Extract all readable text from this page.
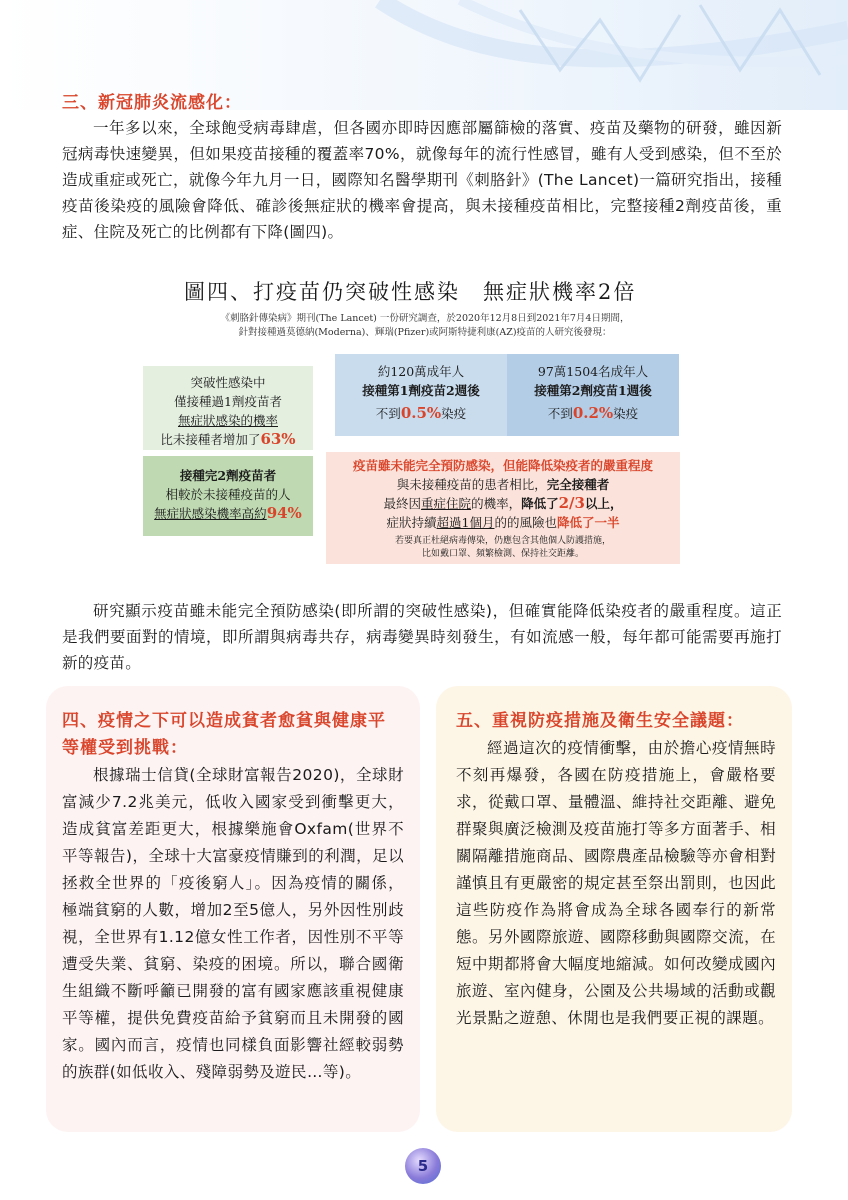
三、新冠肺炎流感化：
一年多以來，全球飽受病毒肆虐，但各國亦即時因應部屬篩檢的落實、疫苗及藥物的研發，雖因新冠病毒快速變異，但如果疫苗接種的覆蓋率70%，就像每年的流行性感冒，雖有人受到感染，但不至於造成重症或死亡，就像今年九月一日，國際知名醫學期刊《刺胳針》(The Lancet)一篇研究指出，接種疫苗後染疫的風險會降低、確診後無症狀的機率會提高，與未接種疫苗相比，完整接種2劑疫苗後，重症、住院及死亡的比例都有下降(圖四)。
圖四、打疫苗仍突破性感染　無症狀機率2倍
《刺胳針傳染病》期刊(The Lancet) 一份研究調查，於2020年12月8日到2021年7月4日期間，
針對接種過莫德納(Moderna)、輝瑞(Pfizer)或阿斯特捷利康(AZ)疫苗的人研究後發現：
突破性感染中
僅接種過1劑疫苗者
無症狀感染的機率
比未接種者增加了63%
接種完2劑疫苗者
相較於未接種疫苗的人
無症狀感染機率高約94%
約120萬成年人
接種第1劑疫苗2週後
不到0.5%染疫
97萬1504名成年人
接種第2劑疫苗1週後
不到0.2%染疫
疫苗雖未能完全預防感染，但能降低染疫者的嚴重程度
與未接種疫苗的患者相比，完全接種者
最終因重症住院的機率，降低了2/3以上，
症狀持續超過1個月的的風險也降低了一半
若要真正杜絕病毒傳染，仍應包含其他個人防護措施，
比如戴口罩、頻繁檢測、保持社交距離。
研究顯示疫苗雖未能完全預防感染(即所謂的突破性感染)，但確實能降低染疫者的嚴重程度。這正是我們要面對的情境，即所謂與病毒共存，病毒變異時刻發生，有如流感一般，每年都可能需要再施打新的疫苗。
四、疫情之下可以造成貧者愈貧與健康平等權受到挑戰：
根據瑞士信貸(全球財富報告2020)，全球財富減少7.2兆美元，低收入國家受到衝擊更大，造成貧富差距更大，根據樂施會Oxfam(世界不平等報告)，全球十大富豪疫情賺到的利潤，足以拯救全世界的「疫後窮人」。因為疫情的關係，極端貧窮的人數，增加2至5億人，另外因性別歧視，全世界有1.12億女性工作者，因性別不平等遭受失業、貧窮、染疫的困境。所以，聯合國衛生組織不斷呼籲已開發的富有國家應該重視健康平等權，提供免費疫苗給予貧窮而且未開發的國家。國內而言，疫情也同樣負面影響社經較弱勢的族群(如低收入、殘障弱勢及遊民…等)。
五、重視防疫措施及衛生安全議題：
經過這次的疫情衝擊，由於擔心疫情無時不刻再爆發，各國在防疫措施上，會嚴格要求，從戴口罩、量體溫、維持社交距離、避免群聚與廣泛檢測及疫苗施打等多方面著手、相關隔離措施商品、國際農產品檢驗等亦會相對謹慎且有更嚴密的規定甚至祭出罰則，也因此這些防疫作為將會成為全球各國奉行的新常態。另外國際旅遊、國際移動與國際交流，在短中期都將會大幅度地縮減。如何改變成國內旅遊、室內健身，公園及公共場域的活動或觀光景點之遊憩、休閒也是我們要正視的課題。
5
